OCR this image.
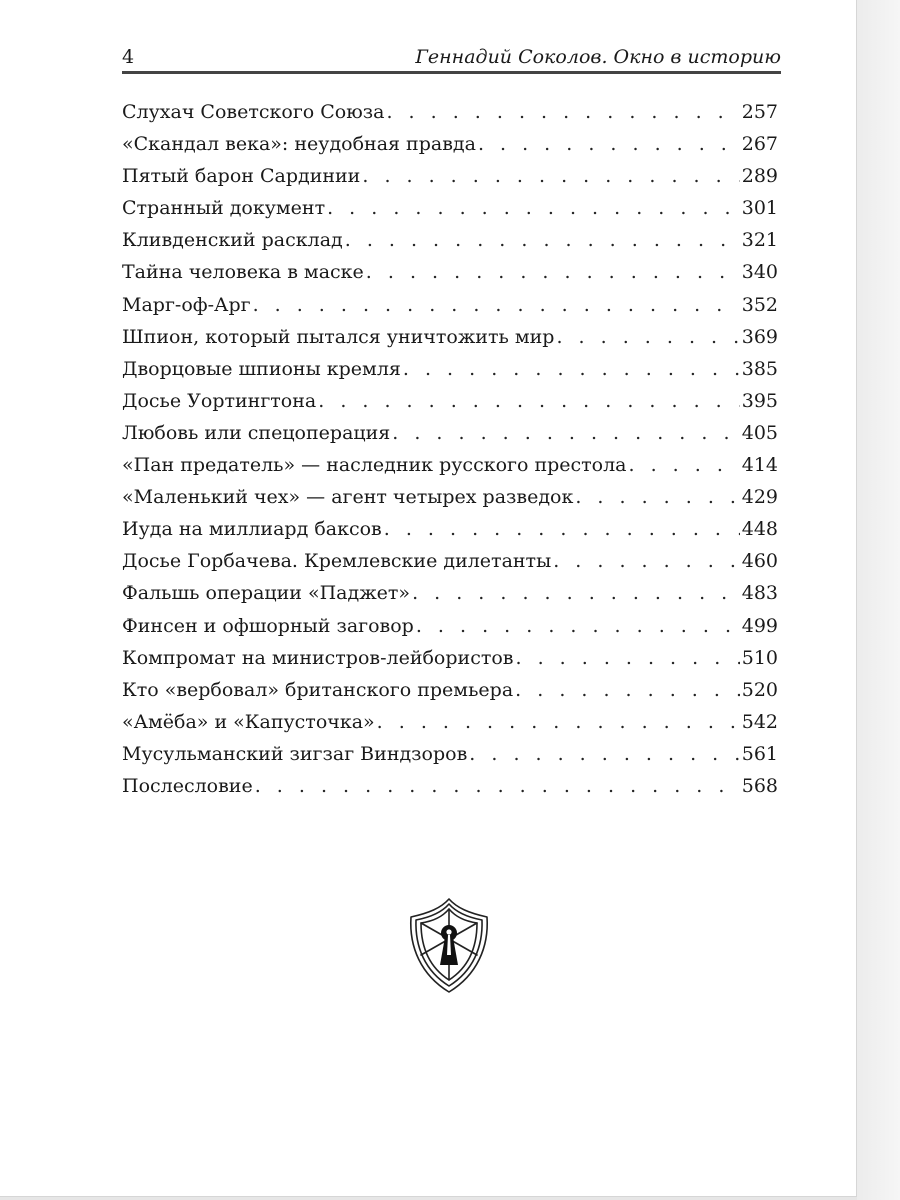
4	Геннадий Соколов. Окно в историю
Слухач Советского Союза . . .	257
«Скандал века»: неудобная правда . . .	267
Пятый барон Сардинии . . .	289
Странный документ . . .	301
Кливденский расклад . . .	321
Тайна человека в маске . . .	340
Марг-оф-Арг . . .	352
Шпион, который пытался уничтожить мир . . .	369
Дворцовые шпионы кремля . . .	385
Досье Уортингтона . . .	395
Любовь или спецоперация . . .	405
«Пан предатель» — наследник русского престола . . .	414
«Маленький чех» — агент четырех разведок . . .	429
Иуда на миллиард баксов . . .	448
Досье Горбачева. Кремлевские дилетанты . . .	460
Фальшь операции «Паджет» . . .	483
Финсен и офшорный заговор . . .	499
Компромат на министров-лейбористов . . .	510
Кто «вербовал» британского премьера . . .	520
«Амёба» и «Капусточка» . . .	542
Мусульманский зигзаг Виндзоров . . .	561
Послесловие . . .	568
